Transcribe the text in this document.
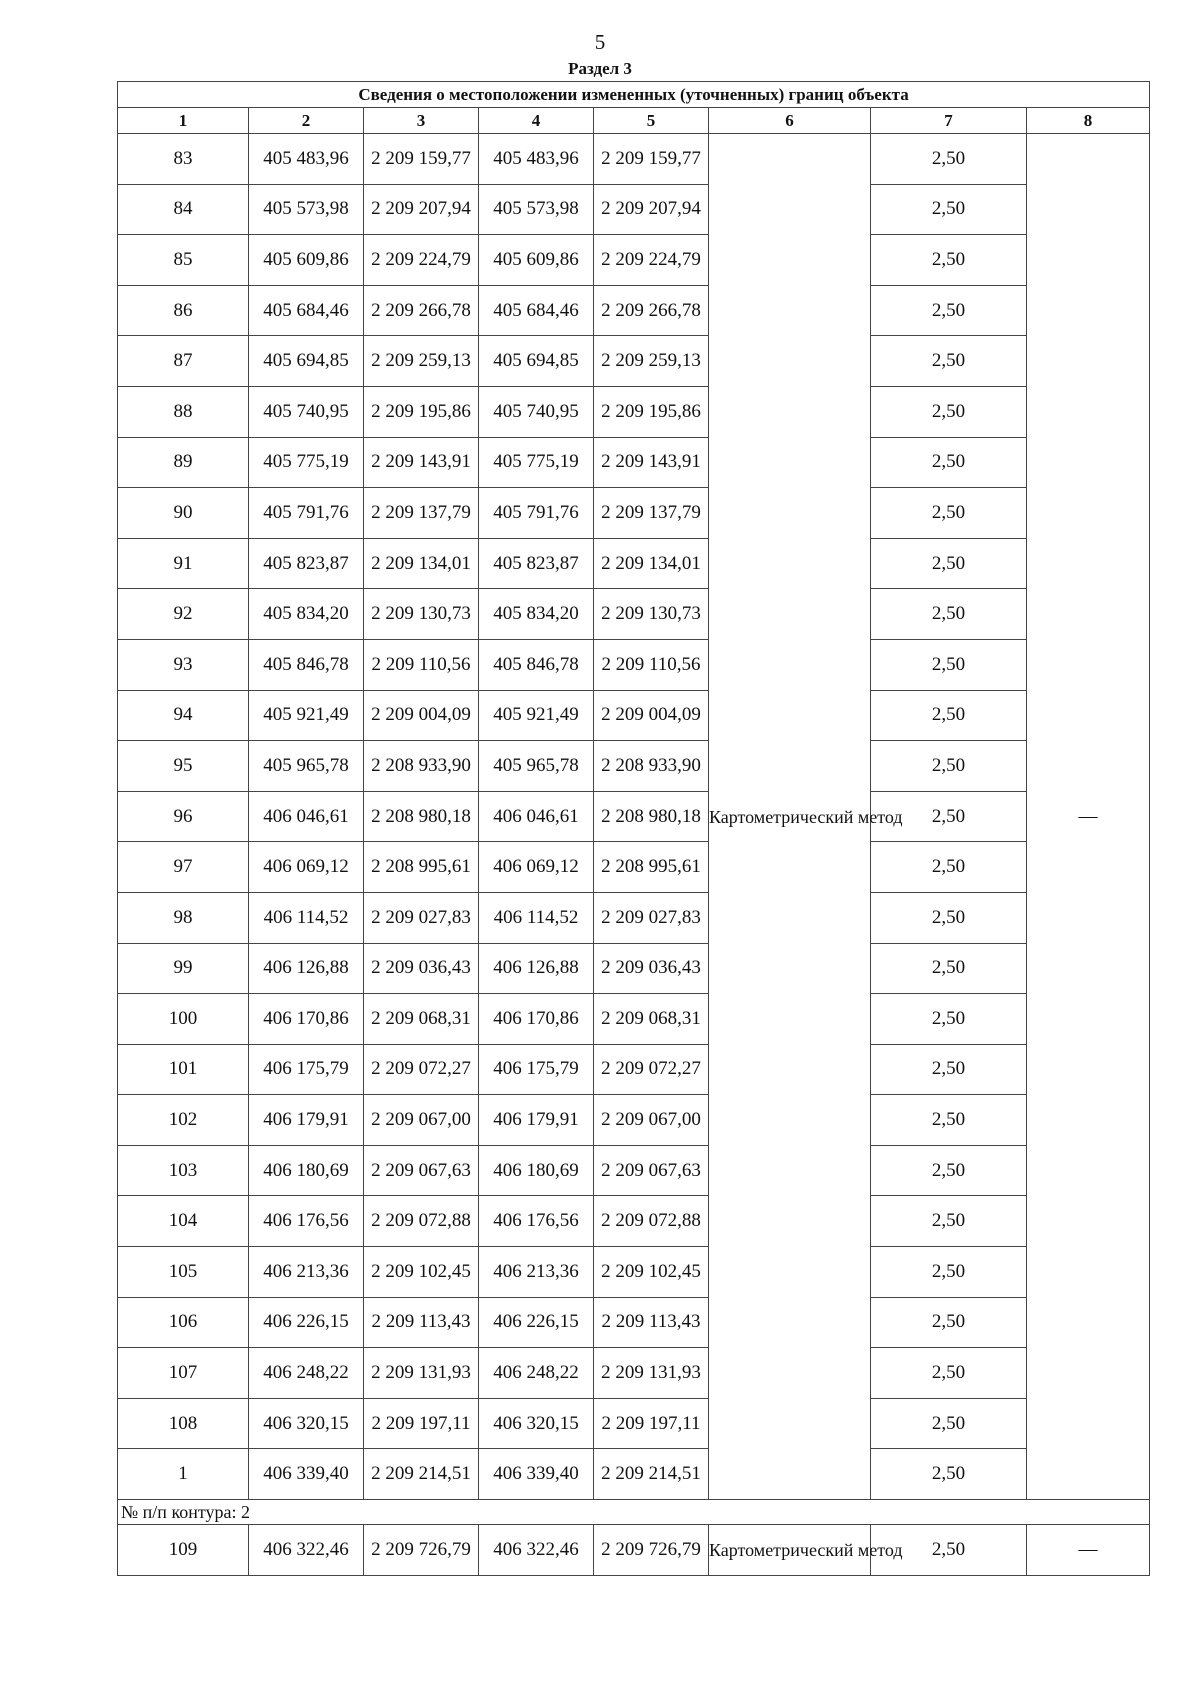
5
Раздел 3
Сведения о местоположении измененных (уточненных) границ объекта							
1	2	3	4	5	6	7	8
83	405 483,96	2 209 159,77	405 483,96	2 209 159,77	Картометрический метод	2,50	—
84	405 573,98	2 209 207,94	405 573,98	2 209 207,94		2,50	
85	405 609,86	2 209 224,79	405 609,86	2 209 224,79		2,50	
86	405 684,46	2 209 266,78	405 684,46	2 209 266,78		2,50	
87	405 694,85	2 209 259,13	405 694,85	2 209 259,13		2,50	
88	405 740,95	2 209 195,86	405 740,95	2 209 195,86		2,50	
89	405 775,19	2 209 143,91	405 775,19	2 209 143,91		2,50	
90	405 791,76	2 209 137,79	405 791,76	2 209 137,79		2,50	
91	405 823,87	2 209 134,01	405 823,87	2 209 134,01		2,50	
92	405 834,20	2 209 130,73	405 834,20	2 209 130,73		2,50	
93	405 846,78	2 209 110,56	405 846,78	2 209 110,56		2,50	
94	405 921,49	2 209 004,09	405 921,49	2 209 004,09		2,50	
95	405 965,78	2 208 933,90	405 965,78	2 208 933,90		2,50	
96	406 046,61	2 208 980,18	406 046,61	2 208 980,18		2,50	
97	406 069,12	2 208 995,61	406 069,12	2 208 995,61		2,50	
98	406 114,52	2 209 027,83	406 114,52	2 209 027,83		2,50	
99	406 126,88	2 209 036,43	406 126,88	2 209 036,43		2,50	
100	406 170,86	2 209 068,31	406 170,86	2 209 068,31		2,50	
101	406 175,79	2 209 072,27	406 175,79	2 209 072,27		2,50	
102	406 179,91	2 209 067,00	406 179,91	2 209 067,00		2,50	
103	406 180,69	2 209 067,63	406 180,69	2 209 067,63		2,50	
104	406 176,56	2 209 072,88	406 176,56	2 209 072,88		2,50	
105	406 213,36	2 209 102,45	406 213,36	2 209 102,45		2,50	
106	406 226,15	2 209 113,43	406 226,15	2 209 113,43		2,50	
107	406 248,22	2 209 131,93	406 248,22	2 209 131,93		2,50	
108	406 320,15	2 209 197,11	406 320,15	2 209 197,11		2,50	
1	406 339,40	2 209 214,51	406 339,40	2 209 214,51		2,50	
№ п/п контура: 2							
109	406 322,46	2 209 726,79	406 322,46	2 209 726,79	Картометрический метод	2,50	—
